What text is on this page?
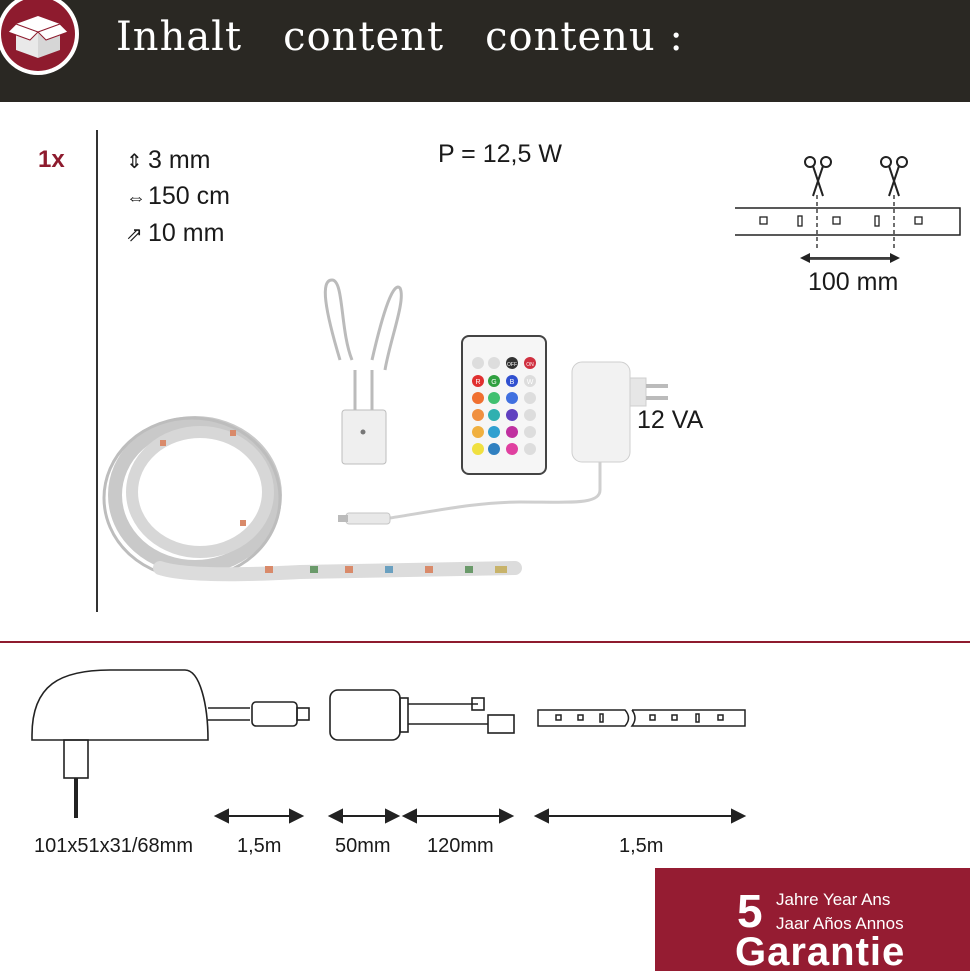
Inhalt   content   contenu :
1x	⇕ 3 mm
⇔150 cm
⇗ 10 mm
P = 12,5 W
100 mm
OFF ON
R G B W
12 VA
101x51x31/68mm 1,5m	50mm 120mm	1,5m
5 Jahre Year Ans
Jaar Años Annos
Garantie
